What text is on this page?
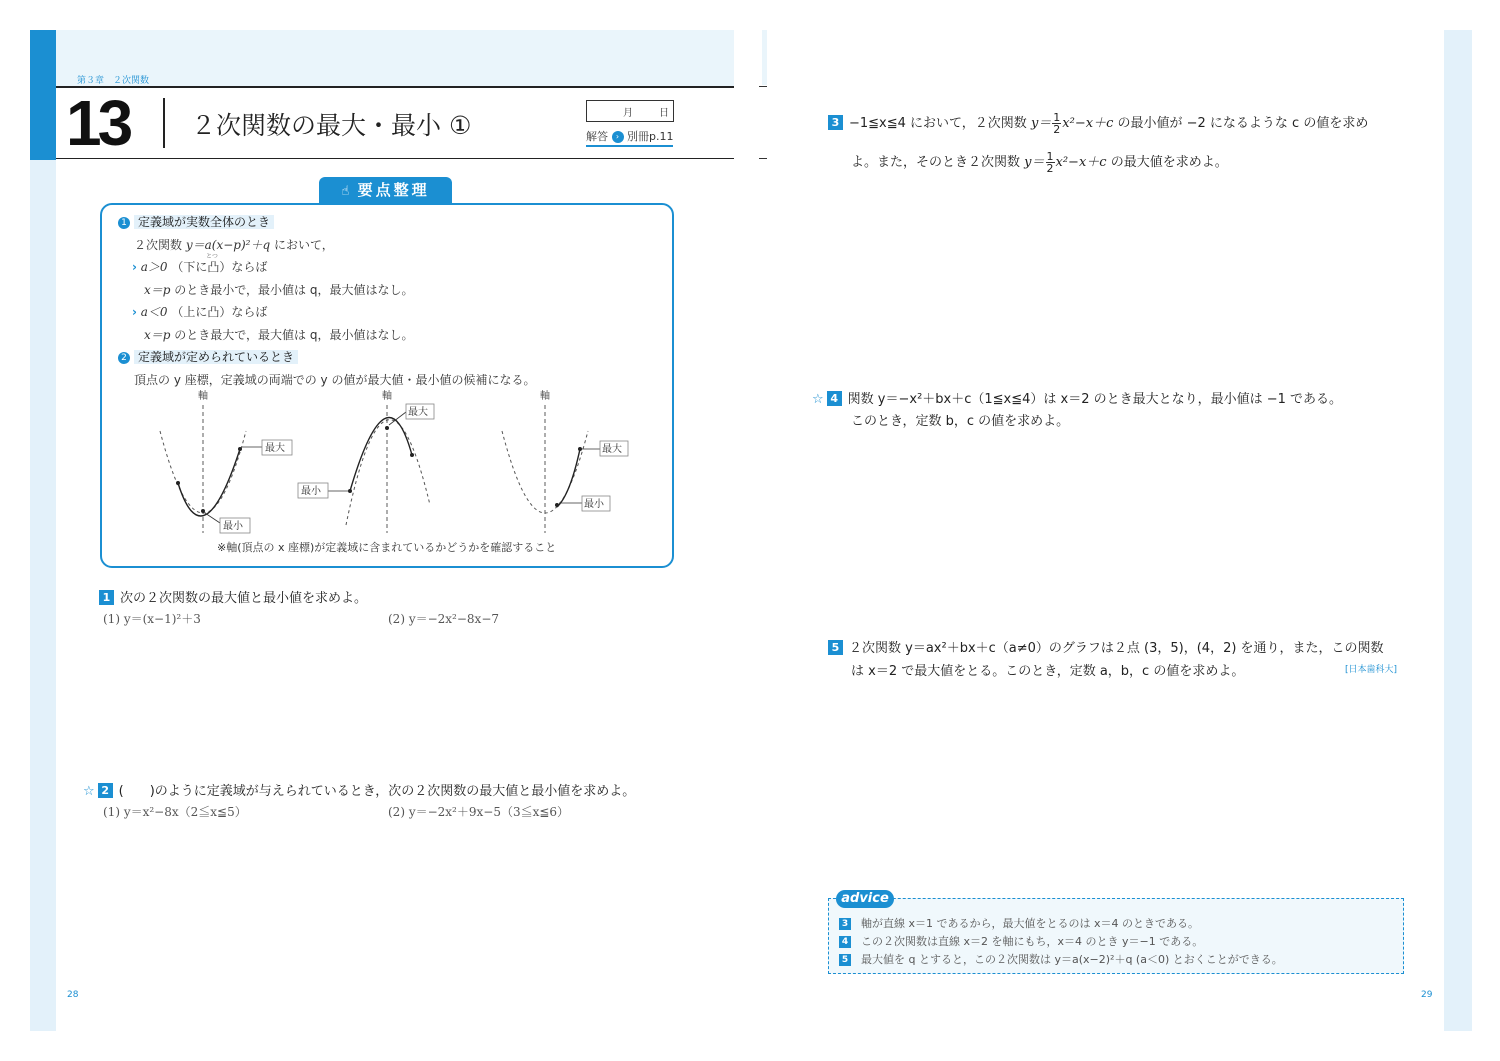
第３章　２次関数
13 ２次関数の最大・最小 ①	月	日
解答 › 別冊p.11
☝ 要点整理
1 定義域が実数全体のとき
２次関数 y＝a(x−p)²＋q において，
› a＞0 （下に凸）ならば
とつ
x＝p のとき最小で，最小値は q，最大値はなし。
› a＜0 （上に凸）ならば
x＝p のとき最大で，最大値は q，最小値はなし。
2 定義域が定められているとき
頂点の y 座標，定義域の両端での y の値が最大値・最小値の候補になる。
軸
最大
最小
軸
最大
最小
軸
最大
最小
※軸(頂点の x 座標)が定義域に含まれているかどうかを確認すること
1 次の２次関数の最大値と最小値を求めよ。
(1) y＝(x−1)²＋3	(2) y＝−2x²−8x−7
☆ 2 (　　)のように定義域が与えられているとき，次の２次関数の最大値と最小値を求めよ。
(1) y＝x²−8x（2≦x≦5）	(2) y＝−2x²＋9x−5（3≦x≦6）
28
3 −1≦x≦4 において，２次関数 $y= \frac{1}{2} x^2-x+c$ の最小値が −2 になるような c の値を求め
よ。また，そのとき２次関数 $y= \frac{1}{2} x^2-x+c$ の最大値を求めよ。
☆ 4 関数 y＝−x²＋bx＋c（1≦x≦4）は x＝2 のとき最大となり，最小値は −1 である。
このとき，定数 b，c の値を求めよ。
5 ２次関数 y＝ax²＋bx＋c（a≠0）のグラフは２点 (3，5)，(4，2) を通り，また，この関数
は x＝2 で最大値をとる。このとき，定数 a，b，c の値を求めよ。	[日本歯科大]
3 軸が直線 x＝1 であるから，最大値をとるのは x＝4 のときである。
4 この２次関数は直線 x＝2 を軸にもち，x＝4 のとき y＝−1 である。
5 最大値を q とすると，この２次関数は y＝a(x−2)²＋q (a＜0) とおくことができる。
advice
29
